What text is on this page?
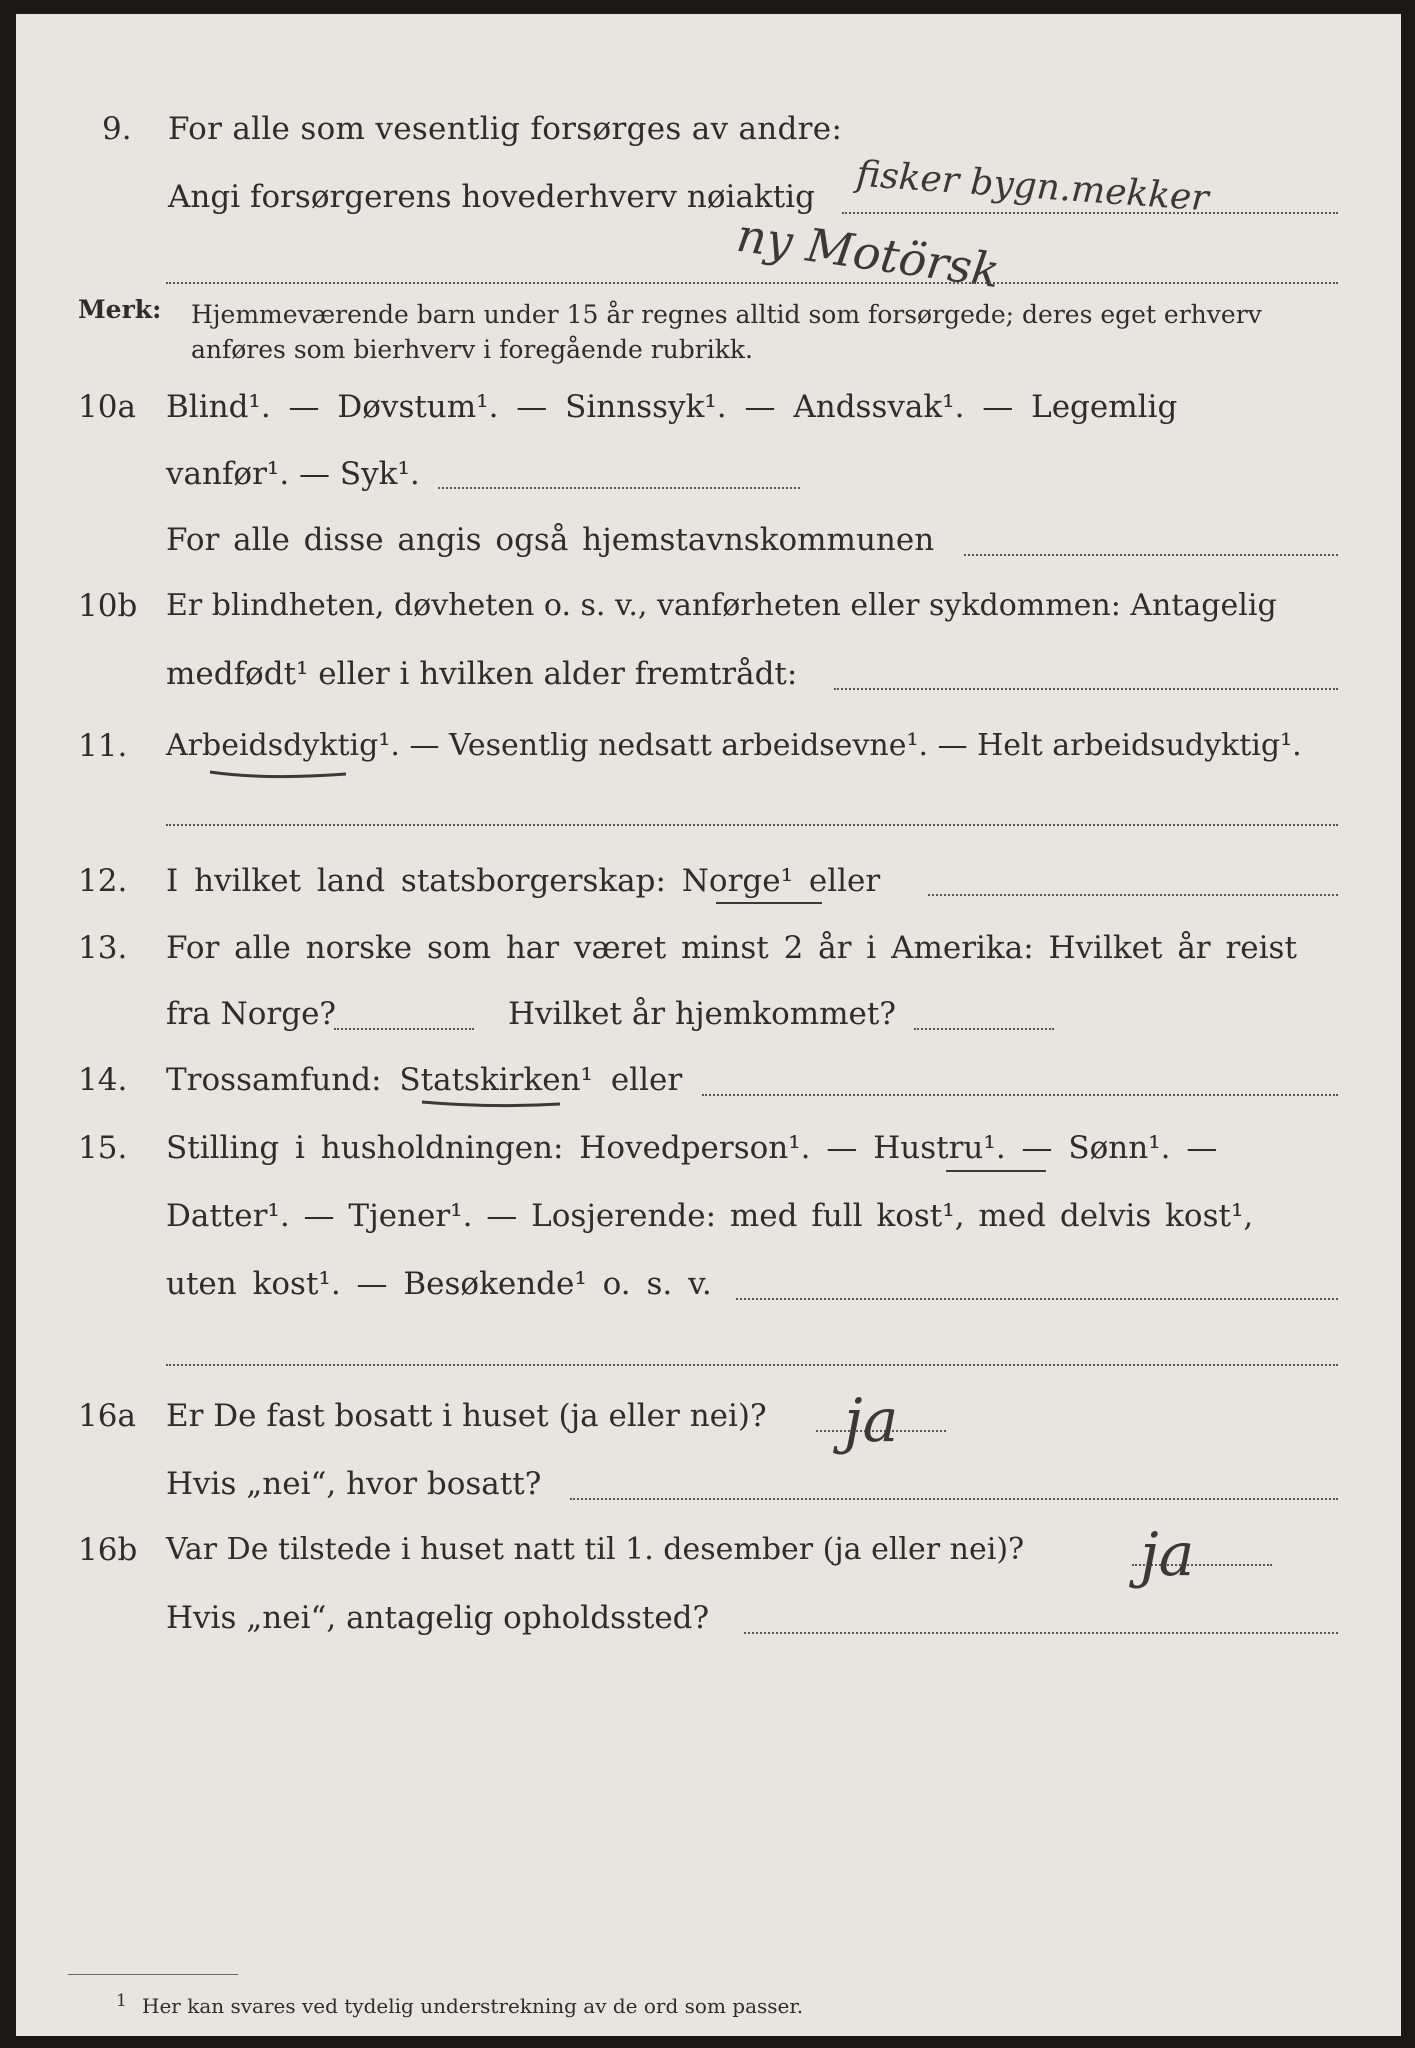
9. For alle som vesentlig forsørges av andre:
Angi forsørgerens hovederhverv nøiaktig fisker bygn.mekker
ny Motörsk
Merk: Hjemmeværende barn under 15 år regnes alltid som forsørgede; deres eget erhverv
anføres som bierhverv i foregående rubrikk.
10a Blind¹. — Døvstum¹. — Sinnssyk¹. — Andssvak¹. — Legemlig
vanfør¹. — Syk¹.
For alle disse angis også hjemstavnskommunen
10b Er blindheten, døvheten o. s. v., vanførheten eller sykdommen: Antagelig
medfødt¹ eller i hvilken alder fremtrådt:
11. Arbeidsdyktig¹. — Vesentlig nedsatt arbeidsevne¹. — Helt arbeidsudyktig¹.
12. I hvilket land statsborgerskap: Norge¹ eller
13. For alle norske som har været minst 2 år i Amerika: Hvilket år reist
fra Norge?	Hvilket år hjemkommet?
14. Trossamfund: Statskirken¹ eller
15. Stilling i husholdningen: Hovedperson¹. — Hustru¹. — Sønn¹. —
Datter¹. — Tjener¹. — Losjerende: med full kost¹, med delvis kost¹,
uten kost¹. — Besøkende¹ o. s. v.
16a Er De fast bosatt i huset (ja eller nei)? ja
Hvis „nei“, hvor bosatt?
16b Var De tilstede i huset natt til 1. desember (ja eller nei)? ja
Hvis „nei“, antagelig opholdssted?
1 Her kan svares ved tydelig understrekning av de ord som passer.
